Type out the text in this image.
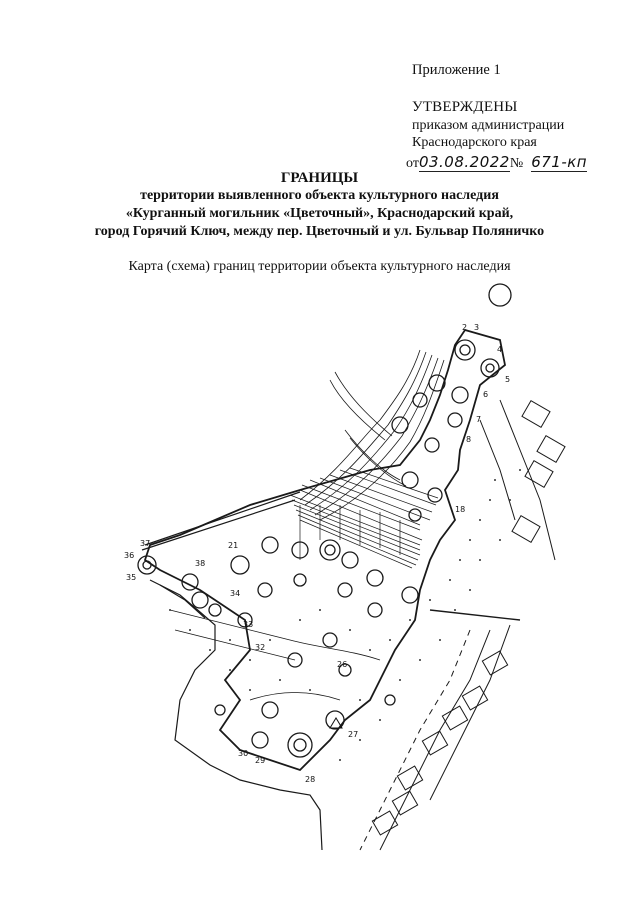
Приложение 1
УТВЕРЖДЕНЫ
приказом администрации
Краснодарского края
от03.08.2022№ 671-кп
ГРАНИЦЫ
территории выявленного объекта культурного наследия
«Курганный могильник «Цветочный», Краснодарский край,
город Горячий Ключ, между пер. Цветочный и ул. Бульвар Поляничко
Карта (схема) границ территории объекта культурного наследия
2 3
4
5
6
7
8
18
21
26
27
28
29
30
32
33
34
35
36
37
38
